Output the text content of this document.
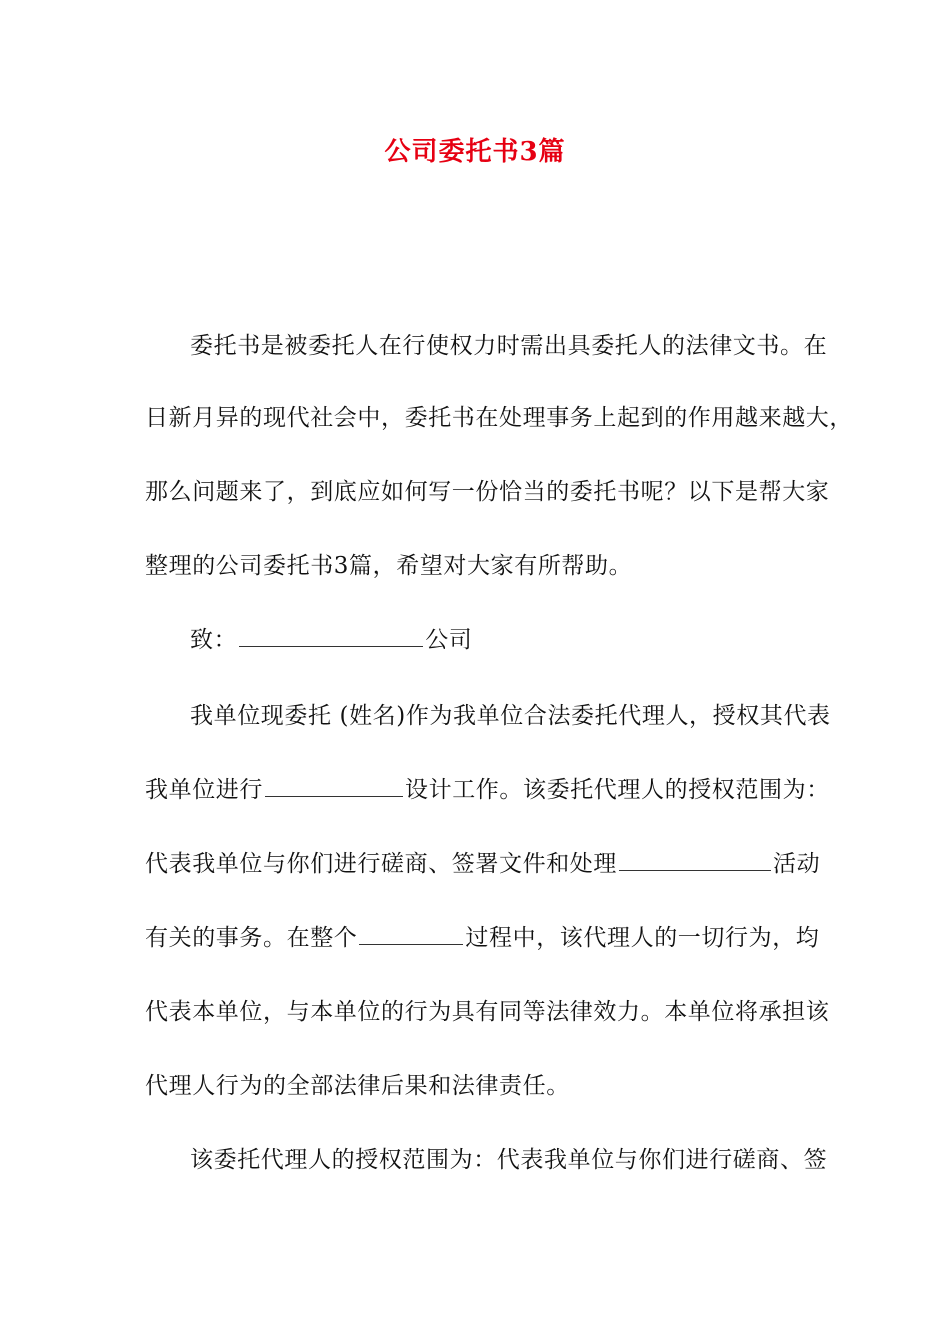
公司委托书3篇
委托书是被委托人在行使权力时需出具委托人的法律文书。在
日新月异的现代社会中，委托书在处理事务上起到的作用越来越大，
那么问题来了，到底应如何写一份恰当的委托书呢？以下是帮大家
整理的公司委托书3篇，希望对大家有所帮助。
致：	公司
我单位现委托 (姓名)作为我单位合法委托代理人，授权其代表
我单位进行	设计工作。该委托代理人的授权范围为：
代表我单位与你们进行磋商、签署文件和处理	活动
有关的事务。在整个	过程中，该代理人的一切行为，均
代表本单位，与本单位的行为具有同等法律效力。本单位将承担该
代理人行为的全部法律后果和法律责任。
该委托代理人的授权范围为：代表我单位与你们进行磋商、签
